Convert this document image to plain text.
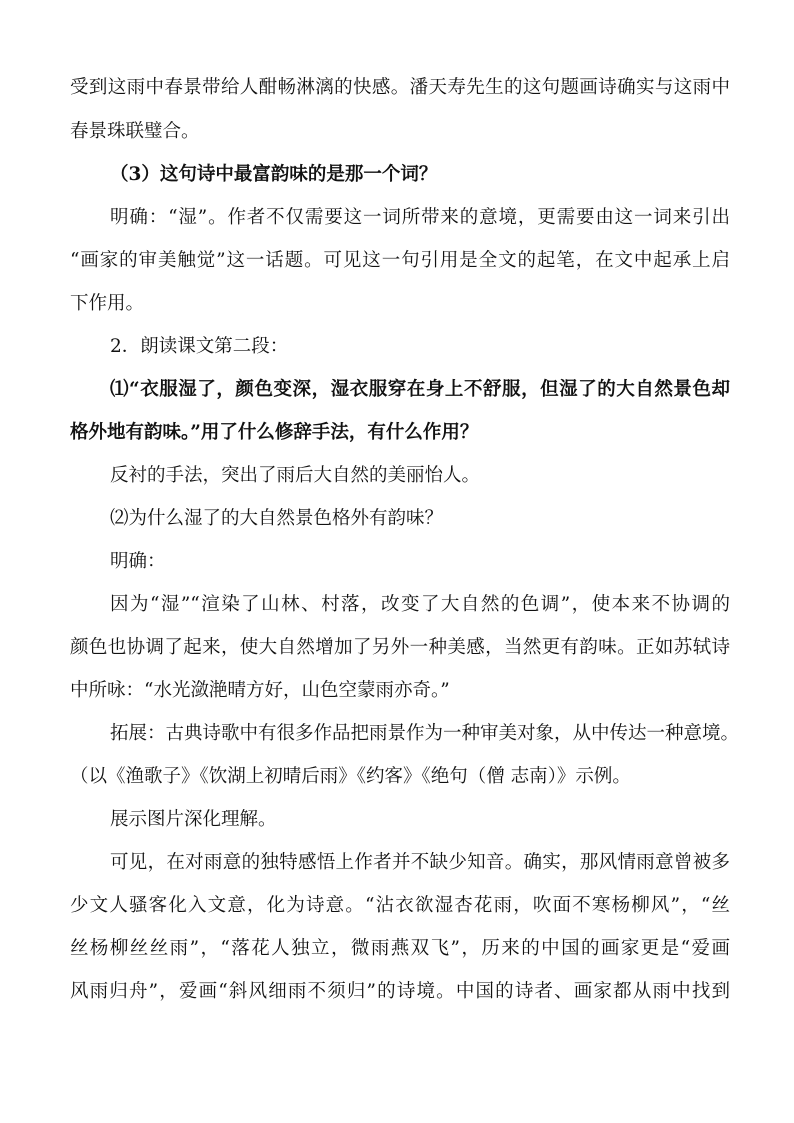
受到这雨中春景带给人酣畅淋漓的快感。潘天寿先生的这句题画诗确实与这雨中
春景珠联璧合。
（3）这句诗中最富韵味的是那一个词？
明确：“湿”。作者不仅需要这一词所带来的意境，更需要由这一词来引出
“画家的审美触觉”这一话题。可见这一句引用是全文的起笔，在文中起承上启
下作用。
2．朗读课文第二段：
⑴“衣服湿了，颜色变深，湿衣服穿在身上不舒服，但湿了的大自然景色却
格外地有韵味。”用了什么修辞手法，有什么作用？
反衬的手法，突出了雨后大自然的美丽怡人。
⑵为什么湿了的大自然景色格外有韵味？
明确：
因为“湿”“渲染了山林、村落，改变了大自然的色调”，使本来不协调的
颜色也协调了起来，使大自然增加了另外一种美感，当然更有韵味。正如苏轼诗
中所咏：“水光潋滟晴方好，山色空蒙雨亦奇。”
拓展：古典诗歌中有很多作品把雨景作为一种审美对象，从中传达一种意境。
（以《渔歌子》《饮湖上初晴后雨》《约客》《绝句（僧 志南）》示例。
展示图片深化理解。
可见，在对雨意的独特感悟上作者并不缺少知音。确实，那风情雨意曾被多
少文人骚客化入文意，化为诗意。“沾衣欲湿杏花雨，吹面不寒杨柳风”，“丝
丝杨柳丝丝雨”，“落花人独立，微雨燕双飞”，历来的中国的画家更是“爱画
风雨归舟”，爱画“斜风细雨不须归”的诗境。中国的诗者、画家都从雨中找到
